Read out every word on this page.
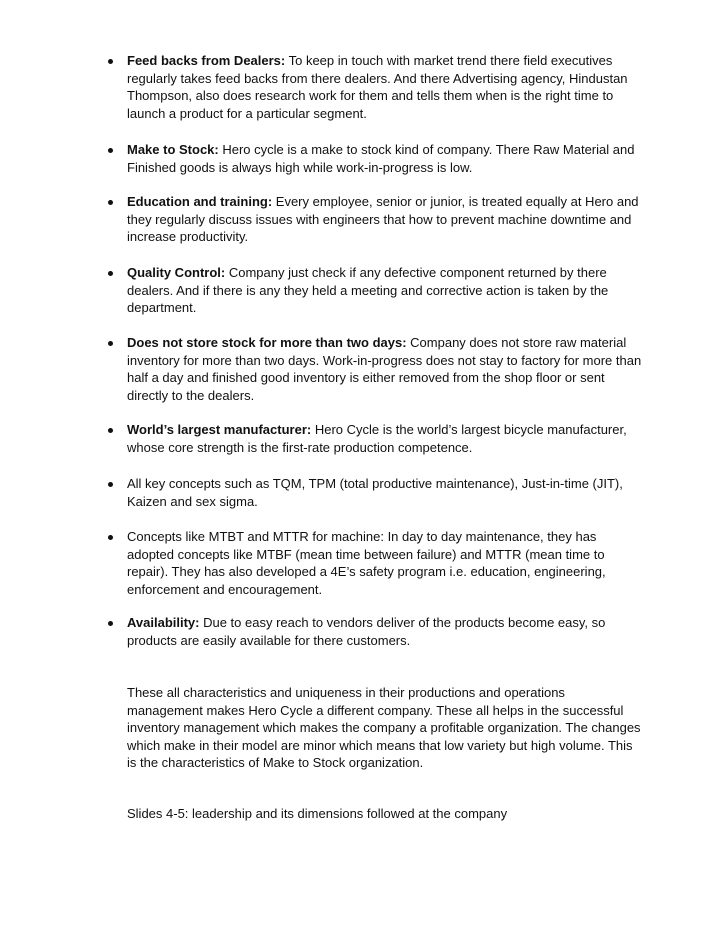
Feed backs from Dealers: To keep in touch with market trend there field executives regularly takes feed backs from there dealers. And there Advertising agency, Hindustan Thompson, also does research work for them and tells them when is the right time to launch a product for a particular segment.
Make to Stock: Hero cycle is a make to stock kind of company. There Raw Material and Finished goods is always high while work-in-progress is low.
Education and training: Every employee, senior or junior, is treated equally at Hero and they regularly discuss issues with engineers that how to prevent machine downtime and increase productivity.
Quality Control: Company just check if any defective component returned by there dealers. And if there is any they held a meeting and corrective action is taken by the department.
Does not store stock for more than two days: Company does not store raw material inventory for more than two days. Work-in-progress does not stay to factory for more than half a day and finished good inventory is either removed from the shop floor or sent directly to the dealers.
World’s largest manufacturer: Hero Cycle is the world’s largest bicycle manufacturer, whose core strength is the first-rate production competence.
All key concepts such as TQM, TPM (total productive maintenance), Just-in-time (JIT), Kaizen and sex sigma.
Concepts like MTBT and MTTR for machine: In day to day maintenance, they has adopted concepts like MTBF (mean time between failure) and MTTR (mean time to repair). They has also developed a 4E’s safety program i.e. education, engineering, enforcement and encouragement.
Availability: Due to easy reach to vendors deliver of the products become easy, so products are easily available for there customers.
These all characteristics and uniqueness in their productions and operations management makes Hero Cycle a different company. These all helps in the successful inventory management which makes the company a profitable organization. The changes which make in their model are minor which means that low variety but high volume. This is the characteristics of Make to Stock organization.
Slides 4-5: leadership and its dimensions followed at the company
